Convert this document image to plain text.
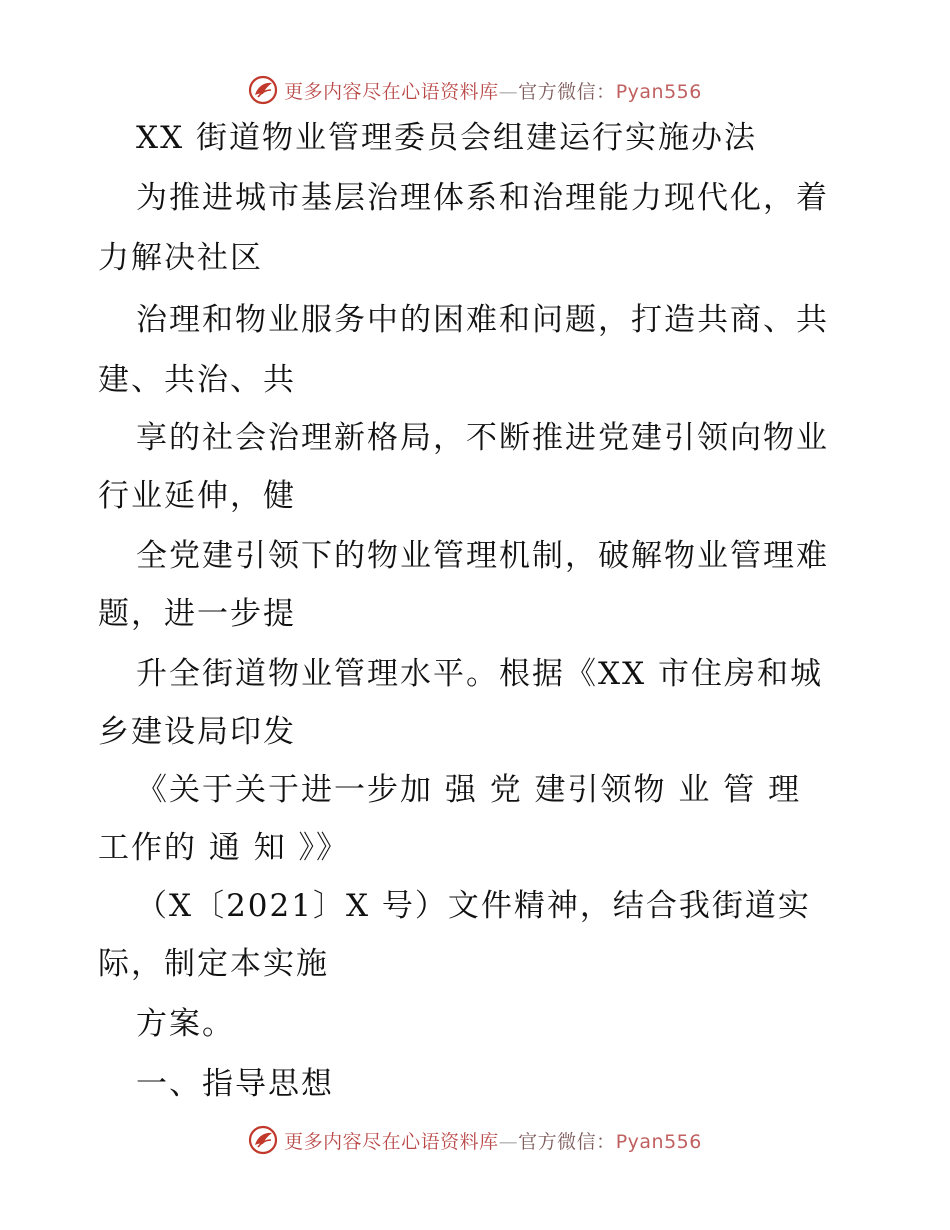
更多内容尽在心语资料库—官方微信：Pyan556
XX 街道物业管理委员会组建运行实施办法
为推进城市基层治理体系和治理能力现代化，着
力解决社区
治理和物业服务中的困难和问题，打造共商、共
建、共治、共
享的社会治理新格局，不断推进党建引领向物业
行业延伸，健
全党建引领下的物业管理机制，破解物业管理难
题，进一步提
升全街道物业管理水平。根据《XX 市住房和城
乡建设局印发
《关于关于进一步加 强 党 建引领物 业 管 理
工作的 通 知 》》
（X〔2021〕X 号）文件精神，结合我街道实
际，制定本实施
方案。
一、指导思想
更多内容尽在心语资料库—官方微信：Pyan556
